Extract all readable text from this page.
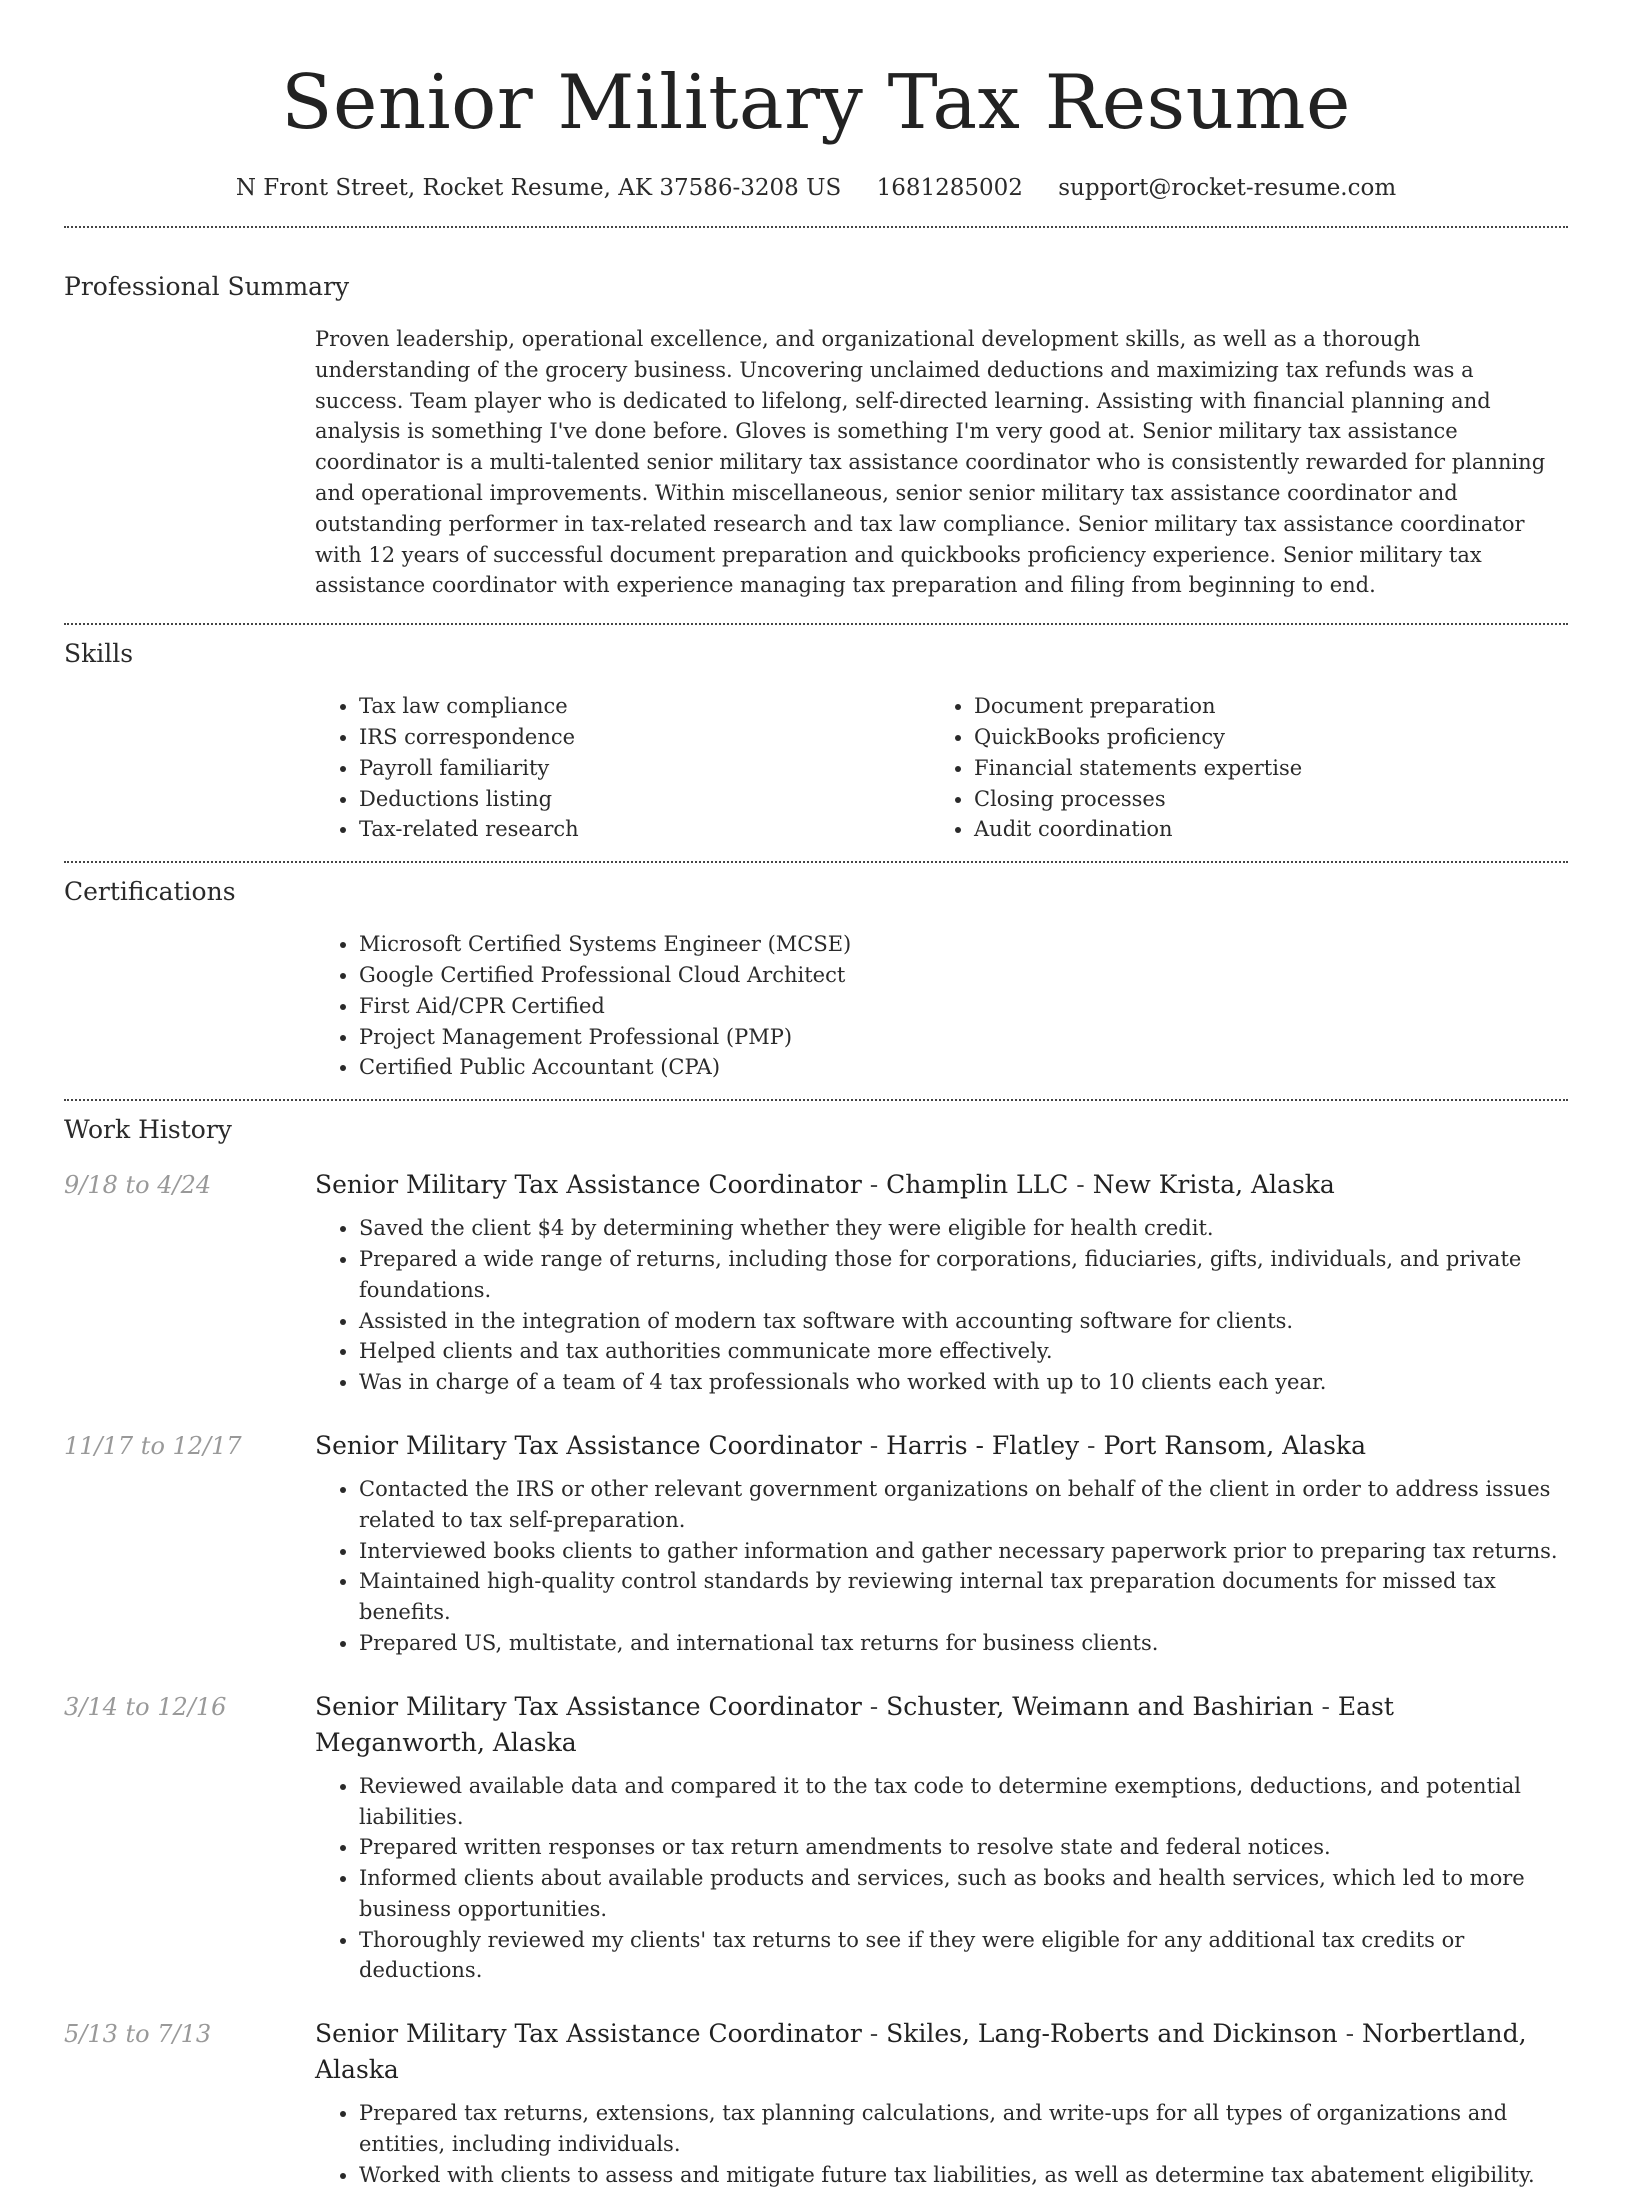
Senior Military Tax Resume
N Front Street, Rocket Resume, AK 37586-3208 US 1681285002 support@rocket-resume.com
Professional Summary

Proven leadership, operational excellence, and organizational development skills, as well as a thorough understanding of the grocery business. Uncovering unclaimed deductions and maximizing tax refunds was a success. Team player who is dedicated to lifelong, self-directed learning. Assisting with financial planning and analysis is something I've done before. Gloves is something I'm very good at. Senior military tax assistance coordinator is a multi-talented senior military tax assistance coordinator who is consistently rewarded for planning and operational improvements. Within miscellaneous, senior senior military tax assistance coordinator and outstanding performer in tax-related research and tax law compliance. Senior military tax assistance coordinator with 12 years of successful document preparation and quickbooks proficiency experience. Senior military tax assistance coordinator with experience managing tax preparation and filing from beginning to end.

Skills
• Tax law compliance
• IRS correspondence
• Payroll familiarity
• Deductions listing
• Tax-related research
• Document preparation
• QuickBooks proficiency
• Financial statements expertise
• Closing processes
• Audit coordination
Certifications
• Microsoft Certified Systems Engineer (MCSE)
• Google Certified Professional Cloud Architect
• First Aid/CPR Certified
• Project Management Professional (PMP)
• Certified Public Accountant (CPA)
Work History
9/18 to 4/24	Senior Military Tax Assistance Coordinator - Champlin LLC - New Krista, Alaska

• Saved the client $4 by determining whether they were eligible for health credit.
• Prepared a wide range of returns, including those for corporations, fiduciaries, gifts, individuals, and private foundations.
• Assisted in the integration of modern tax software with accounting software for clients.
• Helped clients and tax authorities communicate more effectively.
• Was in charge of a team of 4 tax professionals who worked with up to 10 clients each year.
11/17 to 12/17	Senior Military Tax Assistance Coordinator - Harris - Flatley - Port Ransom, Alaska

• Contacted the IRS or other relevant government organizations on behalf of the client in order to address issues related to tax self-preparation.
• Interviewed books clients to gather information and gather necessary paperwork prior to preparing tax returns.
• Maintained high-quality control standards by reviewing internal tax preparation documents for missed tax benefits.
• Prepared US, multistate, and international tax returns for business clients.
3/14 to 12/16	Senior Military Tax Assistance Coordinator - Schuster, Weimann and Bashirian - East Meganworth, Alaska

• Reviewed available data and compared it to the tax code to determine exemptions, deductions, and potential liabilities.
• Prepared written responses or tax return amendments to resolve state and federal notices.
• Informed clients about available products and services, such as books and health services, which led to more business opportunities.
• Thoroughly reviewed my clients' tax returns to see if they were eligible for any additional tax credits or deductions.
5/13 to 7/13	Senior Military Tax Assistance Coordinator - Skiles, Lang-Roberts and Dickinson - Norbertland, Alaska

• Prepared tax returns, extensions, tax planning calculations, and write-ups for all types of organizations and entities, including individuals.
• Worked with clients to assess and mitigate future tax liabilities, as well as determine tax abatement eligibility.
